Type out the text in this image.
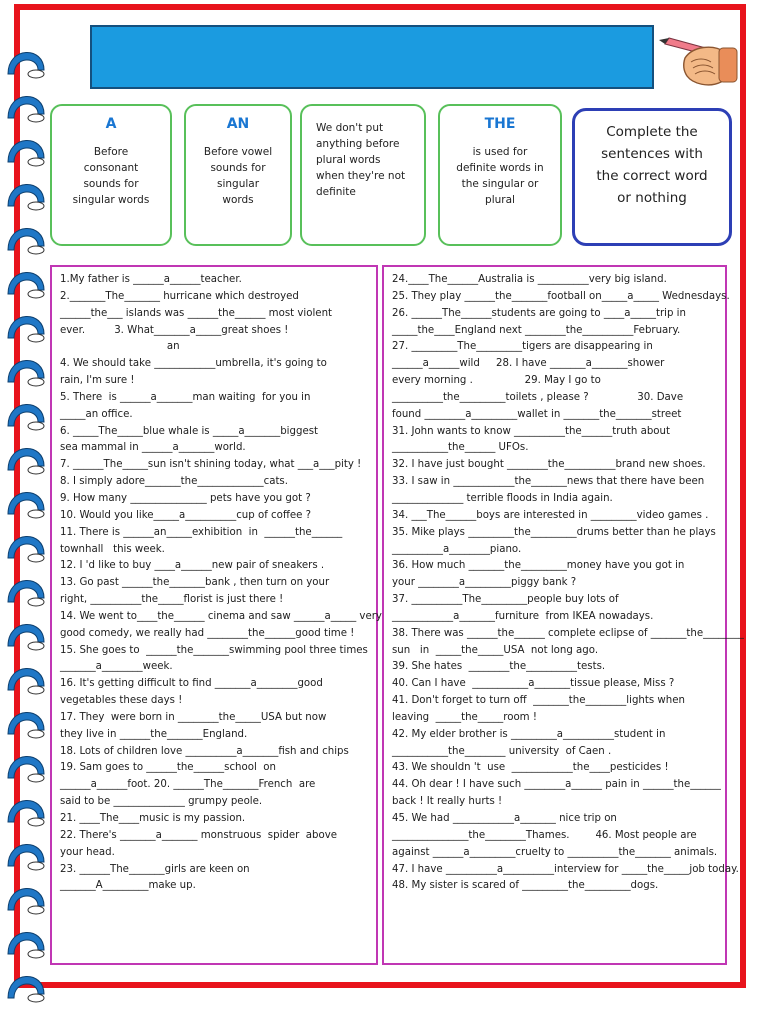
A
Before
consonant
sounds for
singular words
AN
Before vowel
sounds for
singular
words
We don't put
anything before
plural words
when they're not
definite
THE
is used for
definite words in
the singular or
plural
Complete the
sentences with
the correct word
or nothing
1.My father is ______a______teacher.
2._______The_______ hurricane which destroyed
______the___ islands was ______the______ most violent
ever.         3. What_______a_____great shoes !
an
4. We should take ____________umbrella, it's going to
rain, I'm sure !
5. There  is ______a_______man waiting  for you in
_____an office.
6. _____The_____blue whale is _____a_______biggest
sea mammal in ______a_______world.
7. ______The_____sun isn't shining today, what ___a___pity !
8. I simply adore_______the_____________cats.
9. How many _______________ pets have you got ?
10. Would you like_____a__________cup of coffee ?
11. There is ______an_____exhibition  in  ______the______
townhall   this week.
12. I 'd like to buy ____a______new pair of sneakers .
13. Go past ______the_______bank , then turn on your
right, __________the_____florist is just there !
14. We went to____the______ cinema and saw ______a_____ very
good comedy, we really had ________the______good time !
15. She goes to  ______the_______swimming pool three times
_______a________week.
16. It's getting difficult to find _______a________good
vegetables these days !
17. They  were born in ________the_____USA but now
they live in ______the_______England.
18. Lots of children love __________a_______fish and chips
19. Sam goes to ______the______school  on
______a______foot. 20. ______The_______French  are
said to be ______________ grumpy peole.
21. ____The____music is my passion.
22. There's _______a_______ monstruous  spider  above
your head.
23. ______The_______girls are keen on
_______A_________make up.
24.____The______Australia is __________very big island.
25. They play ______the_______football on_____a_____ Wednesdays.
26. ______The______students are going to ____a_____trip in
_____the____England next ________the__________February.
27. _________The_________tigers are disappearing in
______a______wild     28. I have _______a_______shower
every morning .                29. May I go to
__________the_________toilets , please ?               30. Dave
found ________a_________wallet in _______the_______street
31. John wants to know __________the______truth about
___________the______ UFOs.
32. I have just bought ________the__________brand new shoes.
33. I saw in ____________the_______news that there have been
______________ terrible floods in India again.
34. ___The______boys are interested in _________video games .
35. Mike plays _________the_________drums better than he plays
__________a________piano.
36. How much _______the_________money have you got in
your ________a_________piggy bank ?
37. __________The_________people buy lots of
____________a_______furniture  from IKEA nowadays.
38. There was ______the______ complete eclipse of _______the________
sun   in  _____the_____USA  not long ago.
39. She hates  ________the__________tests.
40. Can I have  ___________a_______tissue please, Miss ?
41. Don't forget to turn off  _______the________lights when
leaving  _____the_____room !
42. My elder brother is _________a__________student in
___________the________ university  of Caen .
43. We shouldn 't  use  ____________the____pesticides !
44. Oh dear ! I have such ________a______ pain in ______the______
back ! It really hurts !
45. We had ____________a_______ nice trip on
_______________the________Thames.        46. Most people are
against ______a_________cruelty to __________the_______ animals.
47. I have __________a__________interview for _____the_____job today.
48. My sister is scared of _________the_________dogs.
